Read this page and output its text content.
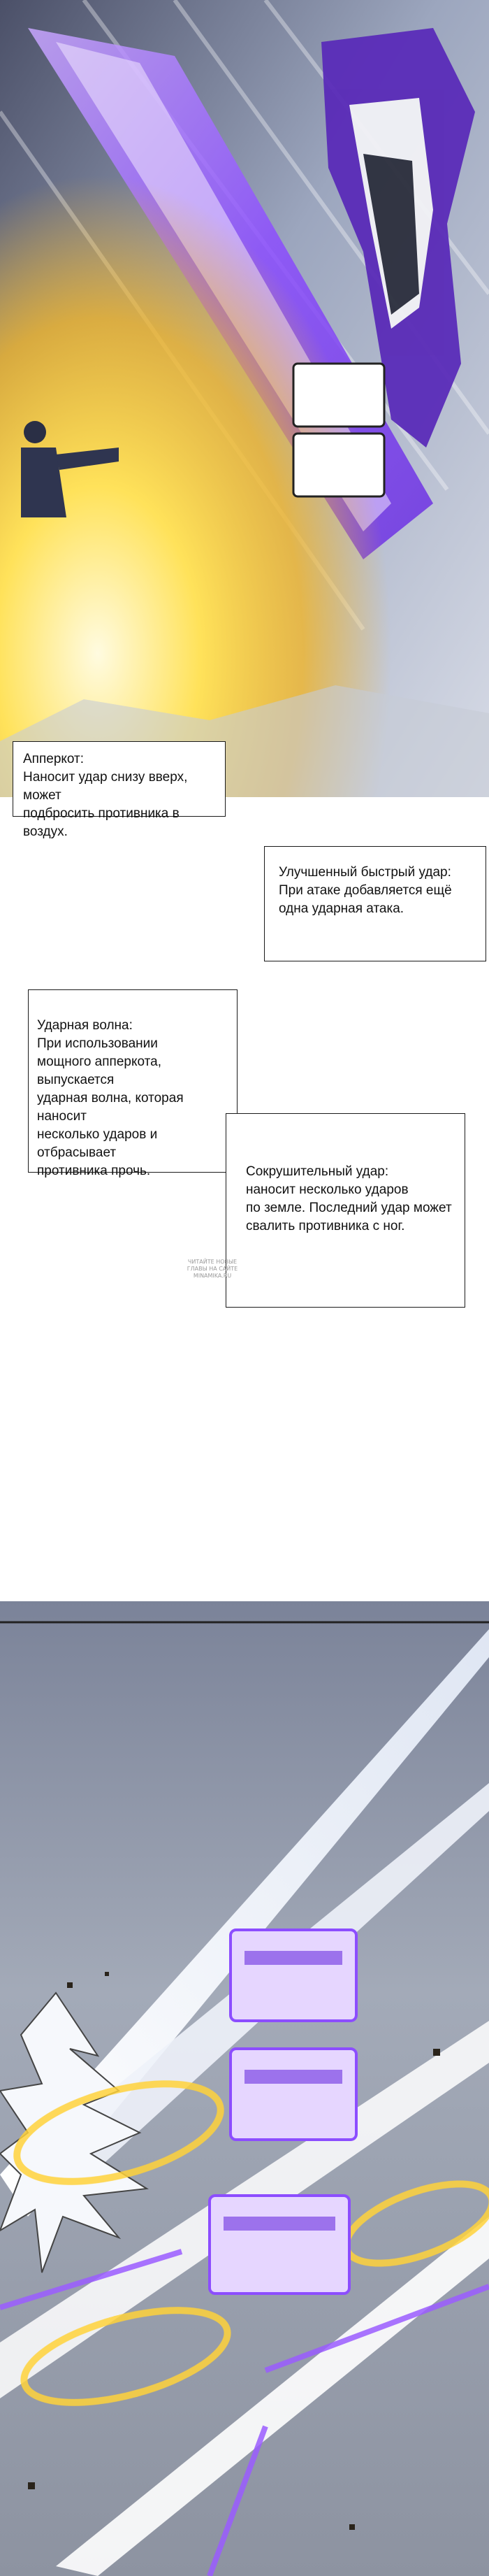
Апперкот:
Наносит удар снизу вверх, может
подбросить противника в воздух.
Улучшенный быстрый удар:
При атаке добавляется ещё
одна ударная атака.
Ударная волна:
При использовании
мощного апперкота, выпускается
ударная волна, которая наносит
несколько ударов и отбрасывает
противника прочь.	Сокрушительный удар:
наносит несколько ударов
по земле. Последний удар может
свалить противника с ног.
ЧИТАЙТЕ НОВЫЕ
ГЛАВЫ НА САЙТЕ
MINAMIKA.RU
